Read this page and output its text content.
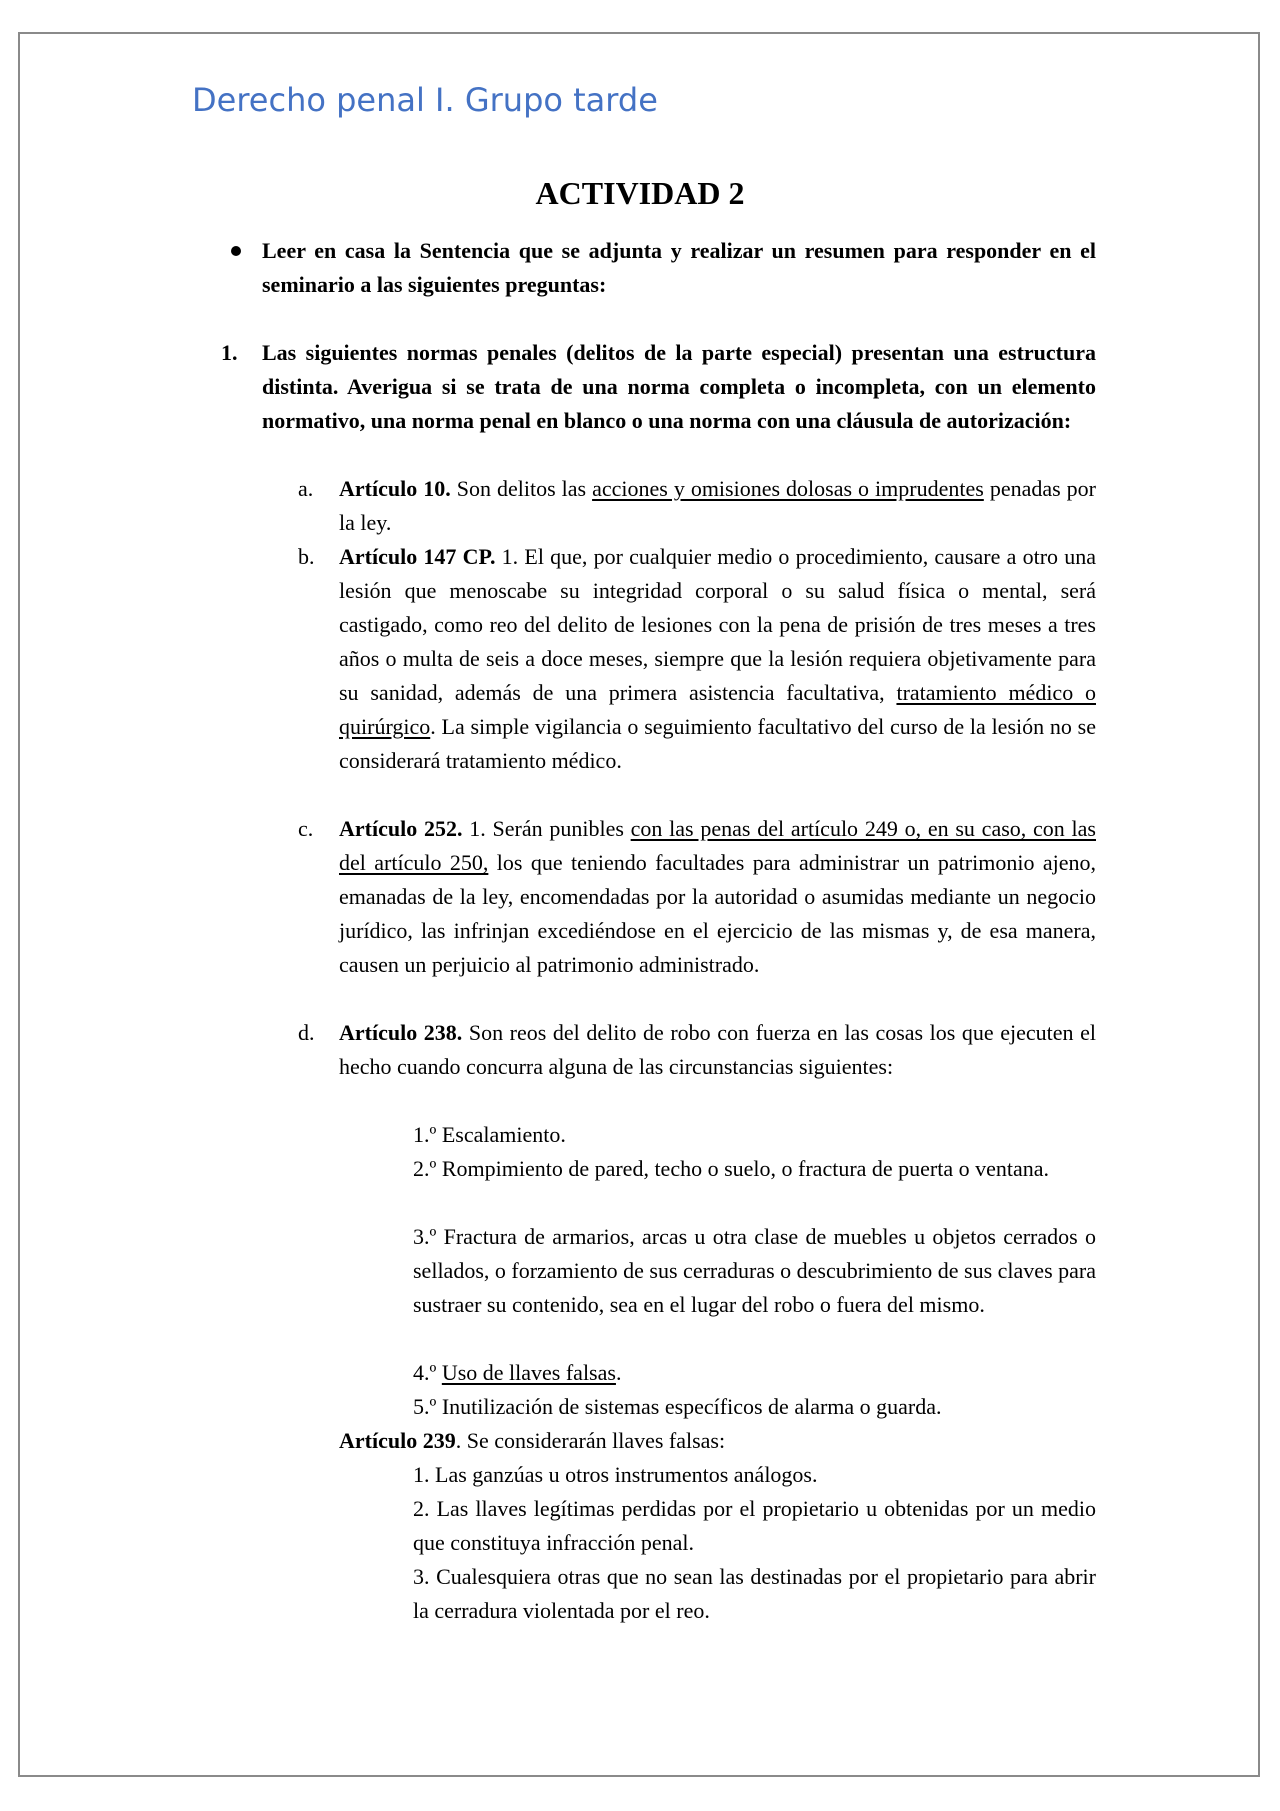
Derecho penal I. Grupo tarde
ACTIVIDAD 2
Leer en casa la Sentencia que se adjunta y realizar un resumen para responder en el seminario a las siguientes preguntas:
1. Las siguientes normas penales (delitos de la parte especial) presentan una estructura distinta. Averigua si se trata de una norma completa o incompleta, con un elemento normativo, una norma penal en blanco o una norma con una cláusula de autorización:
a. Artículo 10. Son delitos las acciones y omisiones dolosas o imprudentes penadas por la ley.
b. Artículo 147 CP. 1. El que, por cualquier medio o procedimiento, causare a otro una lesión que menoscabe su integridad corporal o su salud física o mental, será castigado, como reo del delito de lesiones con la pena de prisión de tres meses a tres años o multa de seis a doce meses, siempre que la lesión requiera objetivamente para su sanidad, además de una primera asistencia facultativa, tratamiento médico o quirúrgico. La simple vigilancia o seguimiento facultativo del curso de la lesión no se considerará tratamiento médico.
c. Artículo 252. 1. Serán punibles con las penas del artículo 249 o, en su caso, con las del artículo 250, los que teniendo facultades para administrar un patrimonio ajeno, emanadas de la ley, encomendadas por la autoridad o asumidas mediante un negocio jurídico, las infrinjan excediéndose en el ejercicio de las mismas y, de esa manera, causen un perjuicio al patrimonio administrado.
d. Artículo 238. Son reos del delito de robo con fuerza en las cosas los que ejecuten el hecho cuando concurra alguna de las circunstancias siguientes:
1.º Escalamiento.
2.º Rompimiento de pared, techo o suelo, o fractura de puerta o ventana.
3.º Fractura de armarios, arcas u otra clase de muebles u objetos cerrados o sellados, o forzamiento de sus cerraduras o descubrimiento de sus claves para sustraer su contenido, sea en el lugar del robo o fuera del mismo.
4.º Uso de llaves falsas.
5.º Inutilización de sistemas específicos de alarma o guarda.
Artículo 239. Se considerarán llaves falsas:
1. Las ganzúas u otros instrumentos análogos.
2. Las llaves legítimas perdidas por el propietario u obtenidas por un medio que constituya infracción penal.
3. Cualesquiera otras que no sean las destinadas por el propietario para abrir la cerradura violentada por el reo.
